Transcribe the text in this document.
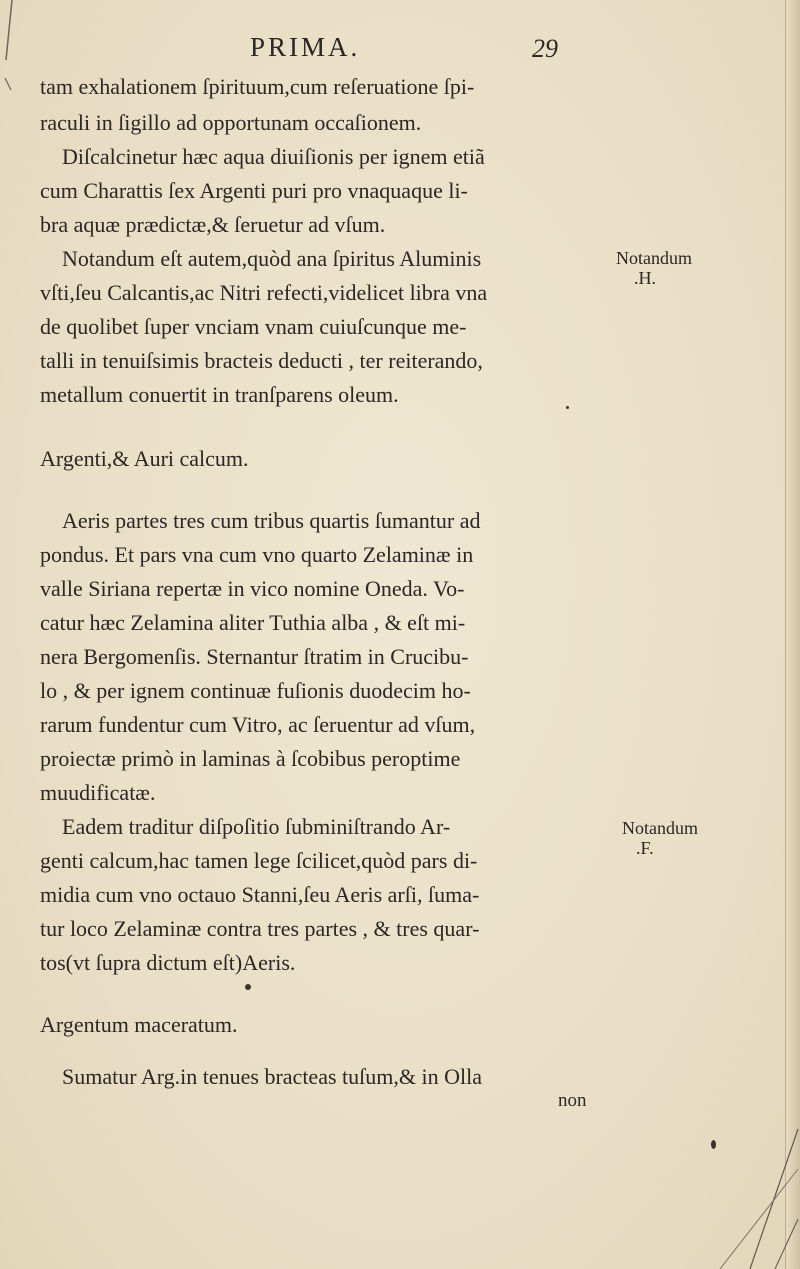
PRIMA.	29
tam exhalationem ſpirituum,cum reſeruatione ſpi-
raculi in ſigillo ad opportunam occaſionem.
Diſcalcinetur hæc aqua diuiſionis per ignem etiã
cum Charattis ſex Argenti puri pro vnaquaque li-
bra aquæ prædictæ,& ſeruetur ad vſum.
Notandum eſt autem,quòd ana ſpiritus Aluminis
vſti,ſeu Calcantis,ac Nitri refecti,videlicet libra vna
de quolibet ſuper vnciam vnam cuiuſcunque me-
talli in tenuiſsimis bracteis deducti , ter reiterando,
metallum conuertit in tranſparens oleum.
Argenti,& Auri calcum.
Aeris partes tres cum tribus quartis ſumantur ad
pondus. Et pars vna cum vno quarto Zelaminæ in
valle Siriana repertæ in vico nomine Oneda. Vo-
catur hæc Zelamina aliter Tuthia alba , & eſt mi-
nera Bergomenſis. Sternantur ſtratim in Crucibu-
lo , & per ignem continuæ fuſionis duodecim ho-
rarum fundentur cum Vitro, ac ſeruentur ad vſum,
proiectæ primò in laminas à ſcobibus peroptime
muudificatæ.
Eadem traditur diſpoſitio ſubminiſtrando Ar-
genti calcum,hac tamen lege ſcilicet,quòd pars di-
midia cum vno octauo Stanni,ſeu Aeris arſi, ſuma-
tur loco Zelaminæ contra tres partes , & tres quar-
tos(vt ſupra dictum eſt)Aeris.
Argentum maceratum.
Sumatur Arg.in tenues bracteas tuſum,& in Olla
Notandum
.H.
Notandum
.F.
non
